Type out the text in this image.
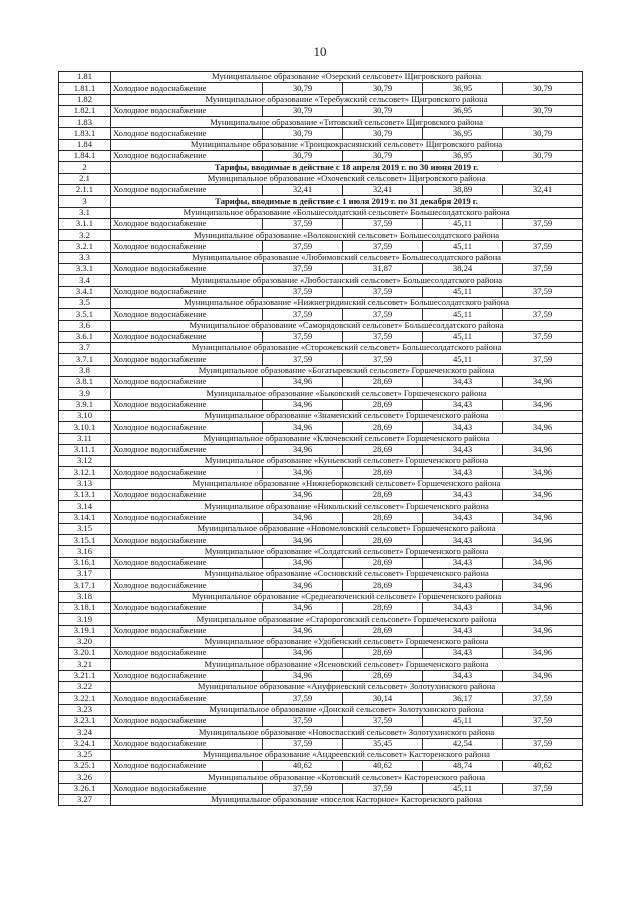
10
1.81	Муниципальное образование «Озерский сельсовет» Щигровского района				
1.81.1	Холодное водоснабжение	30,79	30,79	36,95	30,79
1.82	Муниципальное образование «Теребужский сельсовет» Щигровского района				
1.82.1	Холодное водоснабжение	30,79	30,79	36,95	30,79
1.83	Муниципальное образование «Титовский сельсовет» Щигровского района				
1.83.1	Холодное водоснабжение	30,79	30,79	36,95	30,79
1.84	Муниципальное образование «Троицкокраснянский сельсовет» Щигровского района				
1.84.1	Холодное водоснабжение	30,79	30,79	36,95	30,79
2	Тарифы, вводимые в действие с 18 апреля 2019 г. по 30 июня 2019 г.				
2.1	Муниципальное образование «Охочевский сельсовет» Щигровского района				
2.1.1	Холодное водоснабжение	32,41	32,41	38,89	32,41
3	Тарифы, вводимые в действие с 1 июля 2019 г. по 31 декабря 2019 г.				
3.1	Муниципальное образование «Большесолдатский сельсовет» Большесолдатского района				
3.1.1	Холодное водоснабжение	37,59	37,59	45,11	37,59
3.2	Муниципальное образование «Волоконский сельсовет» Большесолдатского района				
3.2.1	Холодное водоснабжение	37,59	37,59	45,11	37,59
3.3	Муниципальное образование «Любимовский сельсовет» Большесолдатского района				
3.3.1	Холодное водоснабжение	37,59	31,87	38,24	37,59
3.4	Муниципальное образование «Любостанский сельсовет» Большесолдатского района				
3.4.1	Холодное водоснабжение	37,59	37,59	45,11	37,59
3.5	Муниципальное образование «Нижнегридинский сельсовет» Большесолдатского района				
3.5.1	Холодное водоснабжение	37,59	37,59	45,11	37,59
3.6	Муниципальное образование «Саморядовский сельсовет» Большесолдатского района				
3.6.1	Холодное водоснабжение	37,59	37,59	45,11	37,59
3.7	Муниципальное образование «Сторожевский сельсовет» Большесолдатского района				
3.7.1	Холодное водоснабжение	37,59	37,59	45,11	37,59
3.8	Муниципальное образование «Богатыревский сельсовет» Горшеченского района				
3.8.1	Холодное водоснабжение	34,96	28,69	34,43	34,96
3.9	Муниципальное образование «Быковский сельсовет» Горшеченского района				
3.9.1	Холодное водоснабжение	34,96	28,69	34,43	34,96
3.10	Муниципальное образование «Знаменский сельсовет» Горшеченского района				
3.10.1	Холодное водоснабжение	34,96	28,69	34,43	34,96
3.11	Муниципальное образование «Ключевский сельсовет» Горшеченского района				
3.11.1	Холодное водоснабжение	34,96	28,69	34,43	34,96
3.12	Муниципальное образование «Куньевский сельсовет» Горшеченского района				
3.12.1	Холодное водоснабжение	34,96	28,69	34,43	34,96
3.13	Муниципальное образование «Нижнеборковский сельсовет» Горшеченского района				
3.13.1	Холодное водоснабжение	34,96	28,69	34,43	34,96
3.14	Муниципальное образование «Никольский сельсовет» Горшеченского района				
3.14.1	Холодное водоснабжение	34,96	28,69	34,43	34,96
3.15	Муниципальное образование «Новомеловский сельсовет» Горшеченского района				
3.15.1	Холодное водоснабжение	34,96	28,69	34,43	34,96
3.16	Муниципальное образование «Солдатский сельсовет» Горшеченского района				
3.16.1	Холодное водоснабжение	34,96	28,69	34,43	34,96
3.17	Муниципальное образование «Сосновский сельсовет» Горшеченского района				
3.17.1	Холодное водоснабжение	34,96	28,69	34,43	34,96
3.18	Муниципальное образование «Среднеапоченский сельсовет» Горшеченского района				
3.18.1	Холодное водоснабжение	34,96	28,69	34,43	34,96
3.19	Муниципальное образование «Старороговский сельсовет» Горшеченского района				
3.19.1	Холодное водоснабжение	34,96	28,69	34,43	34,96
3.20	Муниципальное образование «Удобенский сельсовет» Горшеченского района				
3.20.1	Холодное водоснабжение	34,96	28,69	34,43	34,96
3.21	Муниципальное образование «Ясеновский сельсовет» Горшеченского района				
3.21.1	Холодное водоснабжение	34,96	28,69	34,43	34,96
3.22	Муниципальное образование «Ануфриевский сельсовет» Золотухинского района				
3.22.1	Холодное водоснабжение	37,59	30,14	36,17	37,59
3.23	Муниципальное образование «Донской сельсовет» Золотухинского района				
3.23.1	Холодное водоснабжение	37,59	37,59	45,11	37,59
3.24	Муниципальное образование «Новоспасский сельсовет» Золотухинского района				
3.24.1	Холодное водоснабжение	37,59	35,45	42,54	37,59
3.25	Муниципальное образование «Андреевский сельсовет» Касторенского района				
3.25.1	Холодное водоснабжение	40,62	40,62	48,74	40,62
3.26	Муниципальное образование «Котовский сельсовет» Касторенского района				
3.26.1	Холодное водоснабжение	37,59	37,59	45,11	37,59
3.27	Муниципальное образование «поселок Касторное» Касторенского района				
